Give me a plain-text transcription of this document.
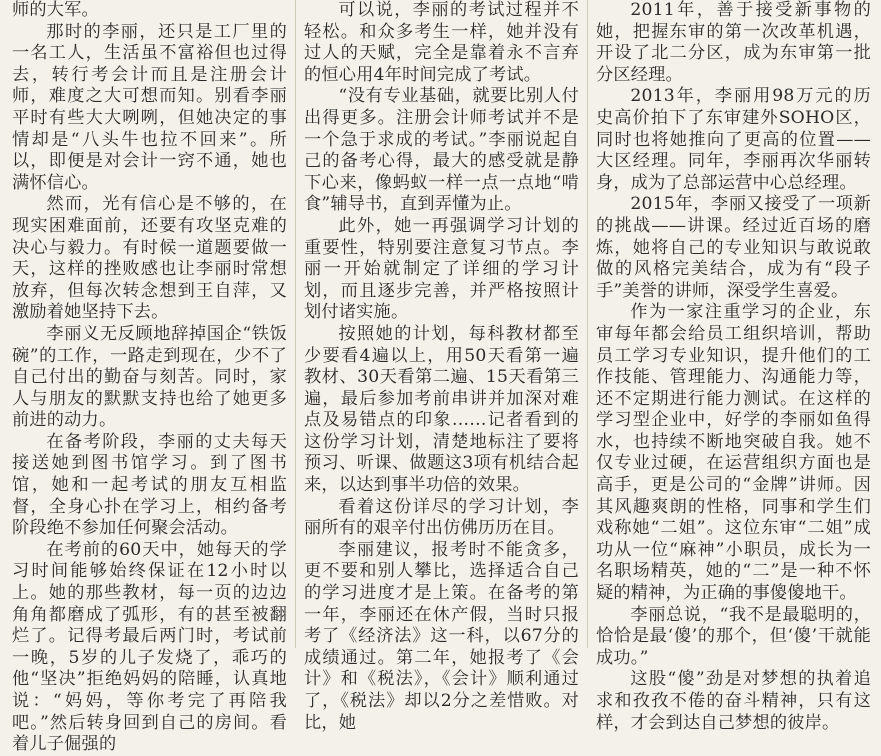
师的大军。

那时的李丽，还只是工厂里的一名工人，生活虽不富裕但也过得去，转行考会计而且是注册会计师，难度之大可想而知。别看李丽平时有些大大咧咧，但她决定的事情却是“八头牛也拉不回来”。所以，即便是对会计一窍不通，她也满怀信心。

然而，光有信心是不够的，在现实困难面前，还要有攻坚克难的决心与毅力。有时候一道题要做一天，这样的挫败感也让李丽时常想放弃，但每次转念想到王自萍，又激励着她坚持下去。

李丽义无反顾地辞掉国企“铁饭碗”的工作，一路走到现在，少不了自己付出的勤奋与刻苦。同时，家人与朋友的默默支持也给了她更多前进的动力。

在备考阶段，李丽的丈夫每天接送她到图书馆学习。到了图书馆，她和一起考试的朋友互相监督，全身心扑在学习上，相约备考阶段绝不参加任何聚会活动。

在考前的60天中，她每天的学习时间能够始终保证在12小时以上。她的那些教材，每一页的边边角角都磨成了弧形，有的甚至被翻烂了。记得考最后两门时，考试前一晚，5岁的儿子发烧了，乖巧的他“坚决”拒绝妈妈的陪睡，认真地说：“妈妈，等你考完了再陪我吧。”然后转身回到自己的房间。看着儿子倔强的

可以说，李丽的考试过程并不轻松。和众多考生一样，她并没有过人的天赋，完全是靠着永不言弃的恒心用4年时间完成了考试。

“没有专业基础，就要比别人付出得更多。注册会计师考试并不是一个急于求成的考试。”李丽说起自己的备考心得，最大的感受就是静下心来，像蚂蚁一样一点一点地“啃食”辅导书，直到弄懂为止。

此外，她一再强调学习计划的重要性，特别要注意复习节点。李丽一开始就制定了详细的学习计划，而且逐步完善，并严格按照计划付诸实施。

按照她的计划，每科教材都至少要看4遍以上，用50天看第一遍教材、30天看第二遍、15天看第三遍，最后参加考前串讲并加深对难点及易错点的印象……记者看到的这份学习计划，清楚地标注了要将预习、听课、做题这3项有机结合起来，以达到事半功倍的效果。

看着这份详尽的学习计划，李丽所有的艰辛付出仿佛历历在目。

李丽建议，报考时不能贪多，更不要和别人攀比，选择适合自己的学习进度才是上策。在备考的第一年，李丽还在休产假，当时只报考了《经济法》这一科，以67分的成绩通过。第二年，她报考了《会计》和《税法》，《会计》顺利通过了，《税法》却以2分之差惜败。对比，她

2011年，善于接受新事物的她，把握东审的第一次改革机遇，开设了北二分区，成为东审第一批分区经理。

2013年，李丽用98万元的历史高价拍下了东审建外SOHO区，同时也将她推向了更高的位置——大区经理。同年，李丽再次华丽转身，成为了总部运营中心总经理。

2015年，李丽又接受了一项新的挑战——讲课。经过近百场的磨炼，她将自己的专业知识与敢说敢做的风格完美结合，成为有“段子手”美誉的讲师，深受学生喜爱。

作为一家注重学习的企业，东审每年都会给员工组织培训，帮助员工学习专业知识，提升他们的工作技能、管理能力、沟通能力等，还不定期进行能力测试。在这样的学习型企业中，好学的李丽如鱼得水，也持续不断地突破自我。她不仅专业过硬，在运营组织方面也是高手，更是公司的“金牌”讲师。因其风趣爽朗的性格，同事和学生们戏称她“二姐”。这位东审“二姐”成功从一位“麻神”小职员，成长为一名职场精英，她的“二”是一种不怀疑的精神，为正确的事傻傻地干。

李丽总说，“我不是最聪明的，恰恰是最‘傻’的那个，但‘傻’干就能成功。”

这股“傻”劲是对梦想的执着追求和孜孜不倦的奋斗精神，只有这样，才会到达自己梦想的彼岸。
